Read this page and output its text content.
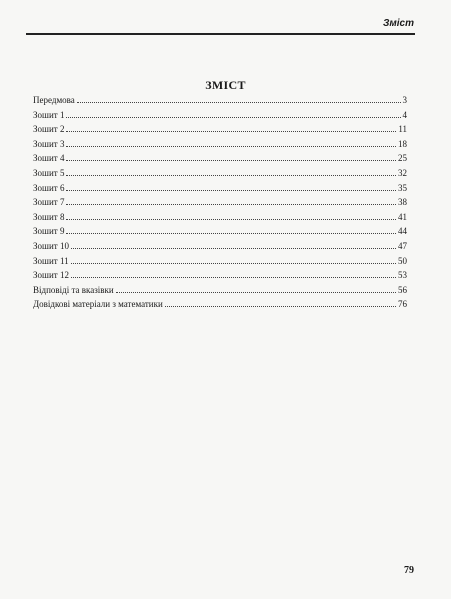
Зміст
ЗМІСТ
Передмова	3
Зошит 1	4
Зошит 2	11
Зошит 3	18
Зошит 4	25
Зошит 5	32
Зошит 6	35
Зошит 7	38
Зошит 8	41
Зошит 9	44
Зошит 10	47
Зошит 11	50
Зошит 12	53
Відповіді та вказівки	56
Довідкові матеріали з математики	76
79
